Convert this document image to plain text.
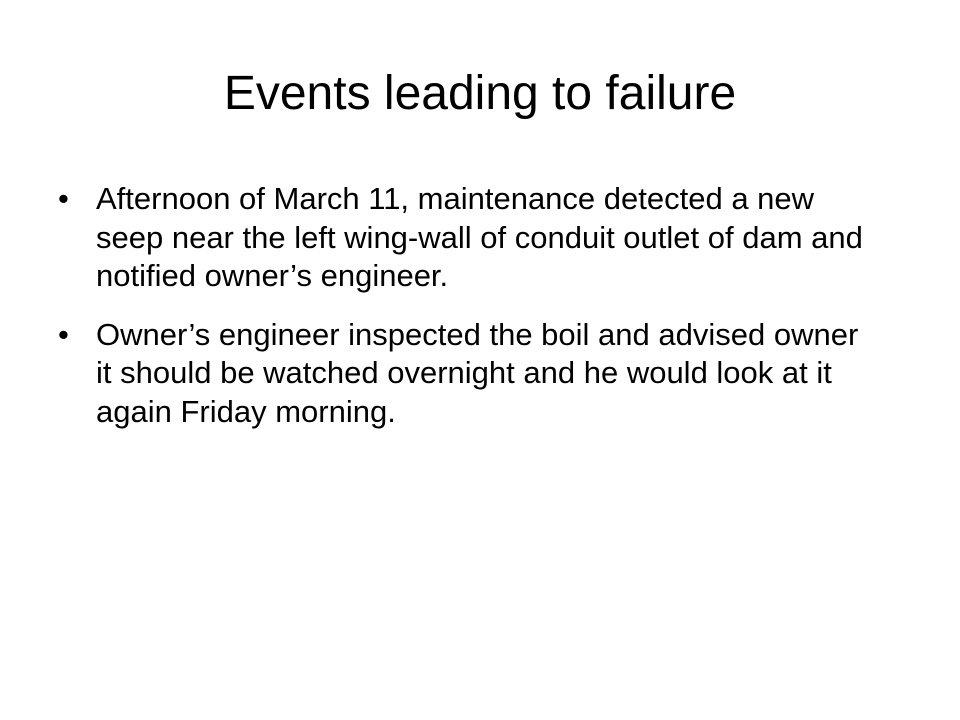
Events leading to failure
• Afternoon of March 11, maintenance detected a new seep near the left wing-wall of conduit outlet of dam and notified owner’s engineer.
• Owner’s engineer inspected the boil and advised owner it should be watched overnight and he would look at it again Friday morning.
